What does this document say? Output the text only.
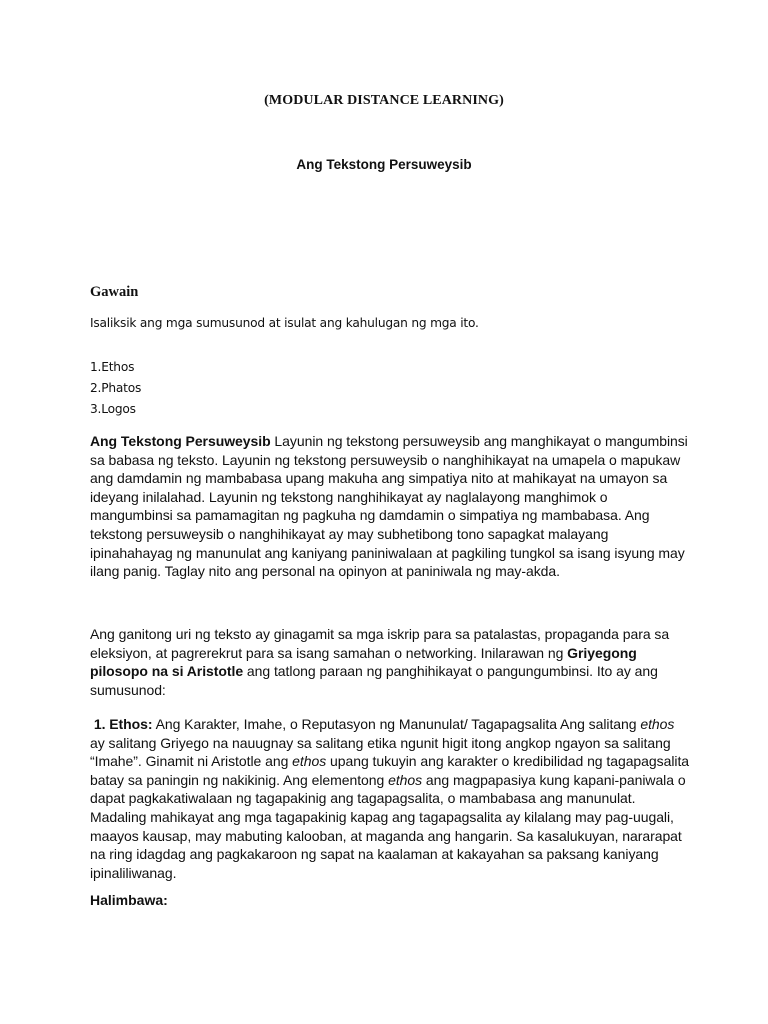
(MODULAR DISTANCE LEARNING)
Ang Tekstong Persuweysib
Gawain
Isaliksik ang mga sumusunod at isulat ang kahulugan ng mga ito.
1.Ethos
2.Phatos
3.Logos

Ang Tekstong Persuweysib Layunin ng tekstong persuweysib ang manghikayat o mangumbinsi sa babasa ng teksto. Layunin ng tekstong persuweysib o nanghihikayat na umapela o mapukaw ang damdamin ng mambabasa upang makuha ang simpatiya nito at mahikayat na umayon sa ideyang inilalahad. Layunin ng tekstong nanghihikayat ay naglalayong manghimok o mangumbinsi sa pamamagitan ng pagkuha ng damdamin o simpatiya ng mambabasa. Ang tekstong persuweysib o nanghihikayat ay may subhetibong tono sapagkat malayang ipinahahayag ng manunulat ang kaniyang paniniwalaan at pagkiling tungkol sa isang isyung may ilang panig. Taglay nito ang personal na opinyon at paniniwala ng may-akda.

Ang ganitong uri ng teksto ay ginagamit sa mga iskrip para sa patalastas, propaganda para sa eleksiyon, at pagrerekrut para sa isang samahan o networking. Inilarawan ng Griyegong pilosopo na si Aristotle ang tatlong paraan ng panghihikayat o pangungumbinsi. Ito ay ang sumusunod:

1. Ethos: Ang Karakter, Imahe, o Reputasyon ng Manunulat/ Tagapagsalita Ang salitang ethos ay salitang Griyego na nauugnay sa salitang etika ngunit higit itong angkop ngayon sa salitang “Imahe”. Ginamit ni Aristotle ang ethos upang tukuyin ang karakter o kredibilidad ng tagapagsalita batay sa paningin ng nakikinig. Ang elementong ethos ang magpapasiya kung kapani-paniwala o dapat pagkakatiwalaan ng tagapakinig ang tagapagsalita, o mambabasa ang manunulat. Madaling mahikayat ang mga tagapakinig kapag ang tagapagsalita ay kilalang may pag-uugali, maayos kausap, may mabuting kalooban, at maganda ang hangarin. Sa kasalukuyan, nararapat na ring idagdag ang pagkakaroon ng sapat na kaalaman at kakayahan sa paksang kaniyang ipinaliliwanag.

Halimbawa:
